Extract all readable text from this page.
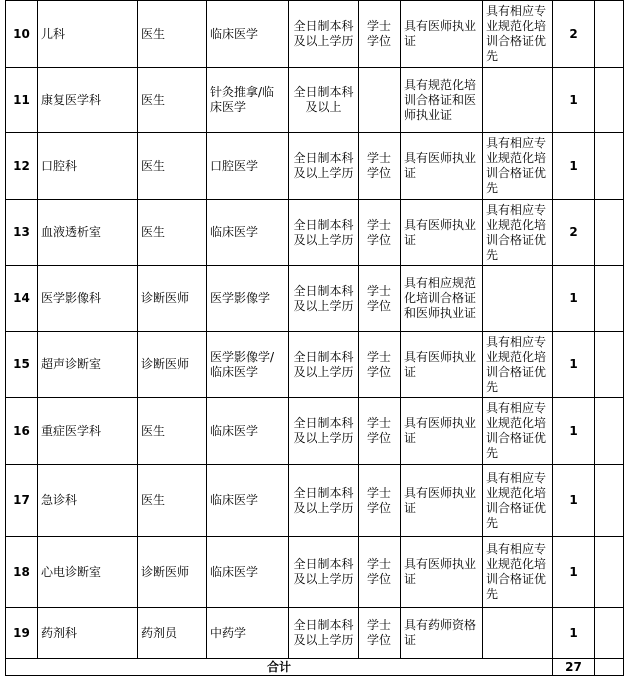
10	儿科	医生	临床医学	全日制本科及以上学历	学士学位	具有医师执业证	具有相应专业规范化培训合格证优先	2	
11	康复医学科	医生	针灸推拿/临床医学	全日制本科及以上		具有规范化培训合格证和医师执业证		1	
12	口腔科	医生	口腔医学	全日制本科及以上学历	学士学位	具有医师执业证	具有相应专业规范化培训合格证优先	1	
13	血液透析室	医生	临床医学	全日制本科及以上学历	学士学位	具有医师执业证	具有相应专业规范化培训合格证优先	2	
14	医学影像科	诊断医师	医学影像学	全日制本科及以上学历	学士学位	具有相应规范化培训合格证和医师执业证		1	
15	超声诊断室	诊断医师	医学影像学/临床医学	全日制本科及以上学历	学士学位	具有医师执业证	具有相应专业规范化培训合格证优先	1	
16	重症医学科	医生	临床医学	全日制本科及以上学历	学士学位	具有医师执业证	具有相应专业规范化培训合格证优先	1	
17	急诊科	医生	临床医学	全日制本科及以上学历	学士学位	具有医师执业证	具有相应专业规范化培训合格证优先	1	
18	心电诊断室	诊断医师	临床医学	全日制本科及以上学历	学士学位	具有医师执业证	具有相应专业规范化培训合格证优先	1	
19	药剂科	药剂员	中药学	全日制本科及以上学历	学士学位	具有药师资格证		1	
合计								27	
